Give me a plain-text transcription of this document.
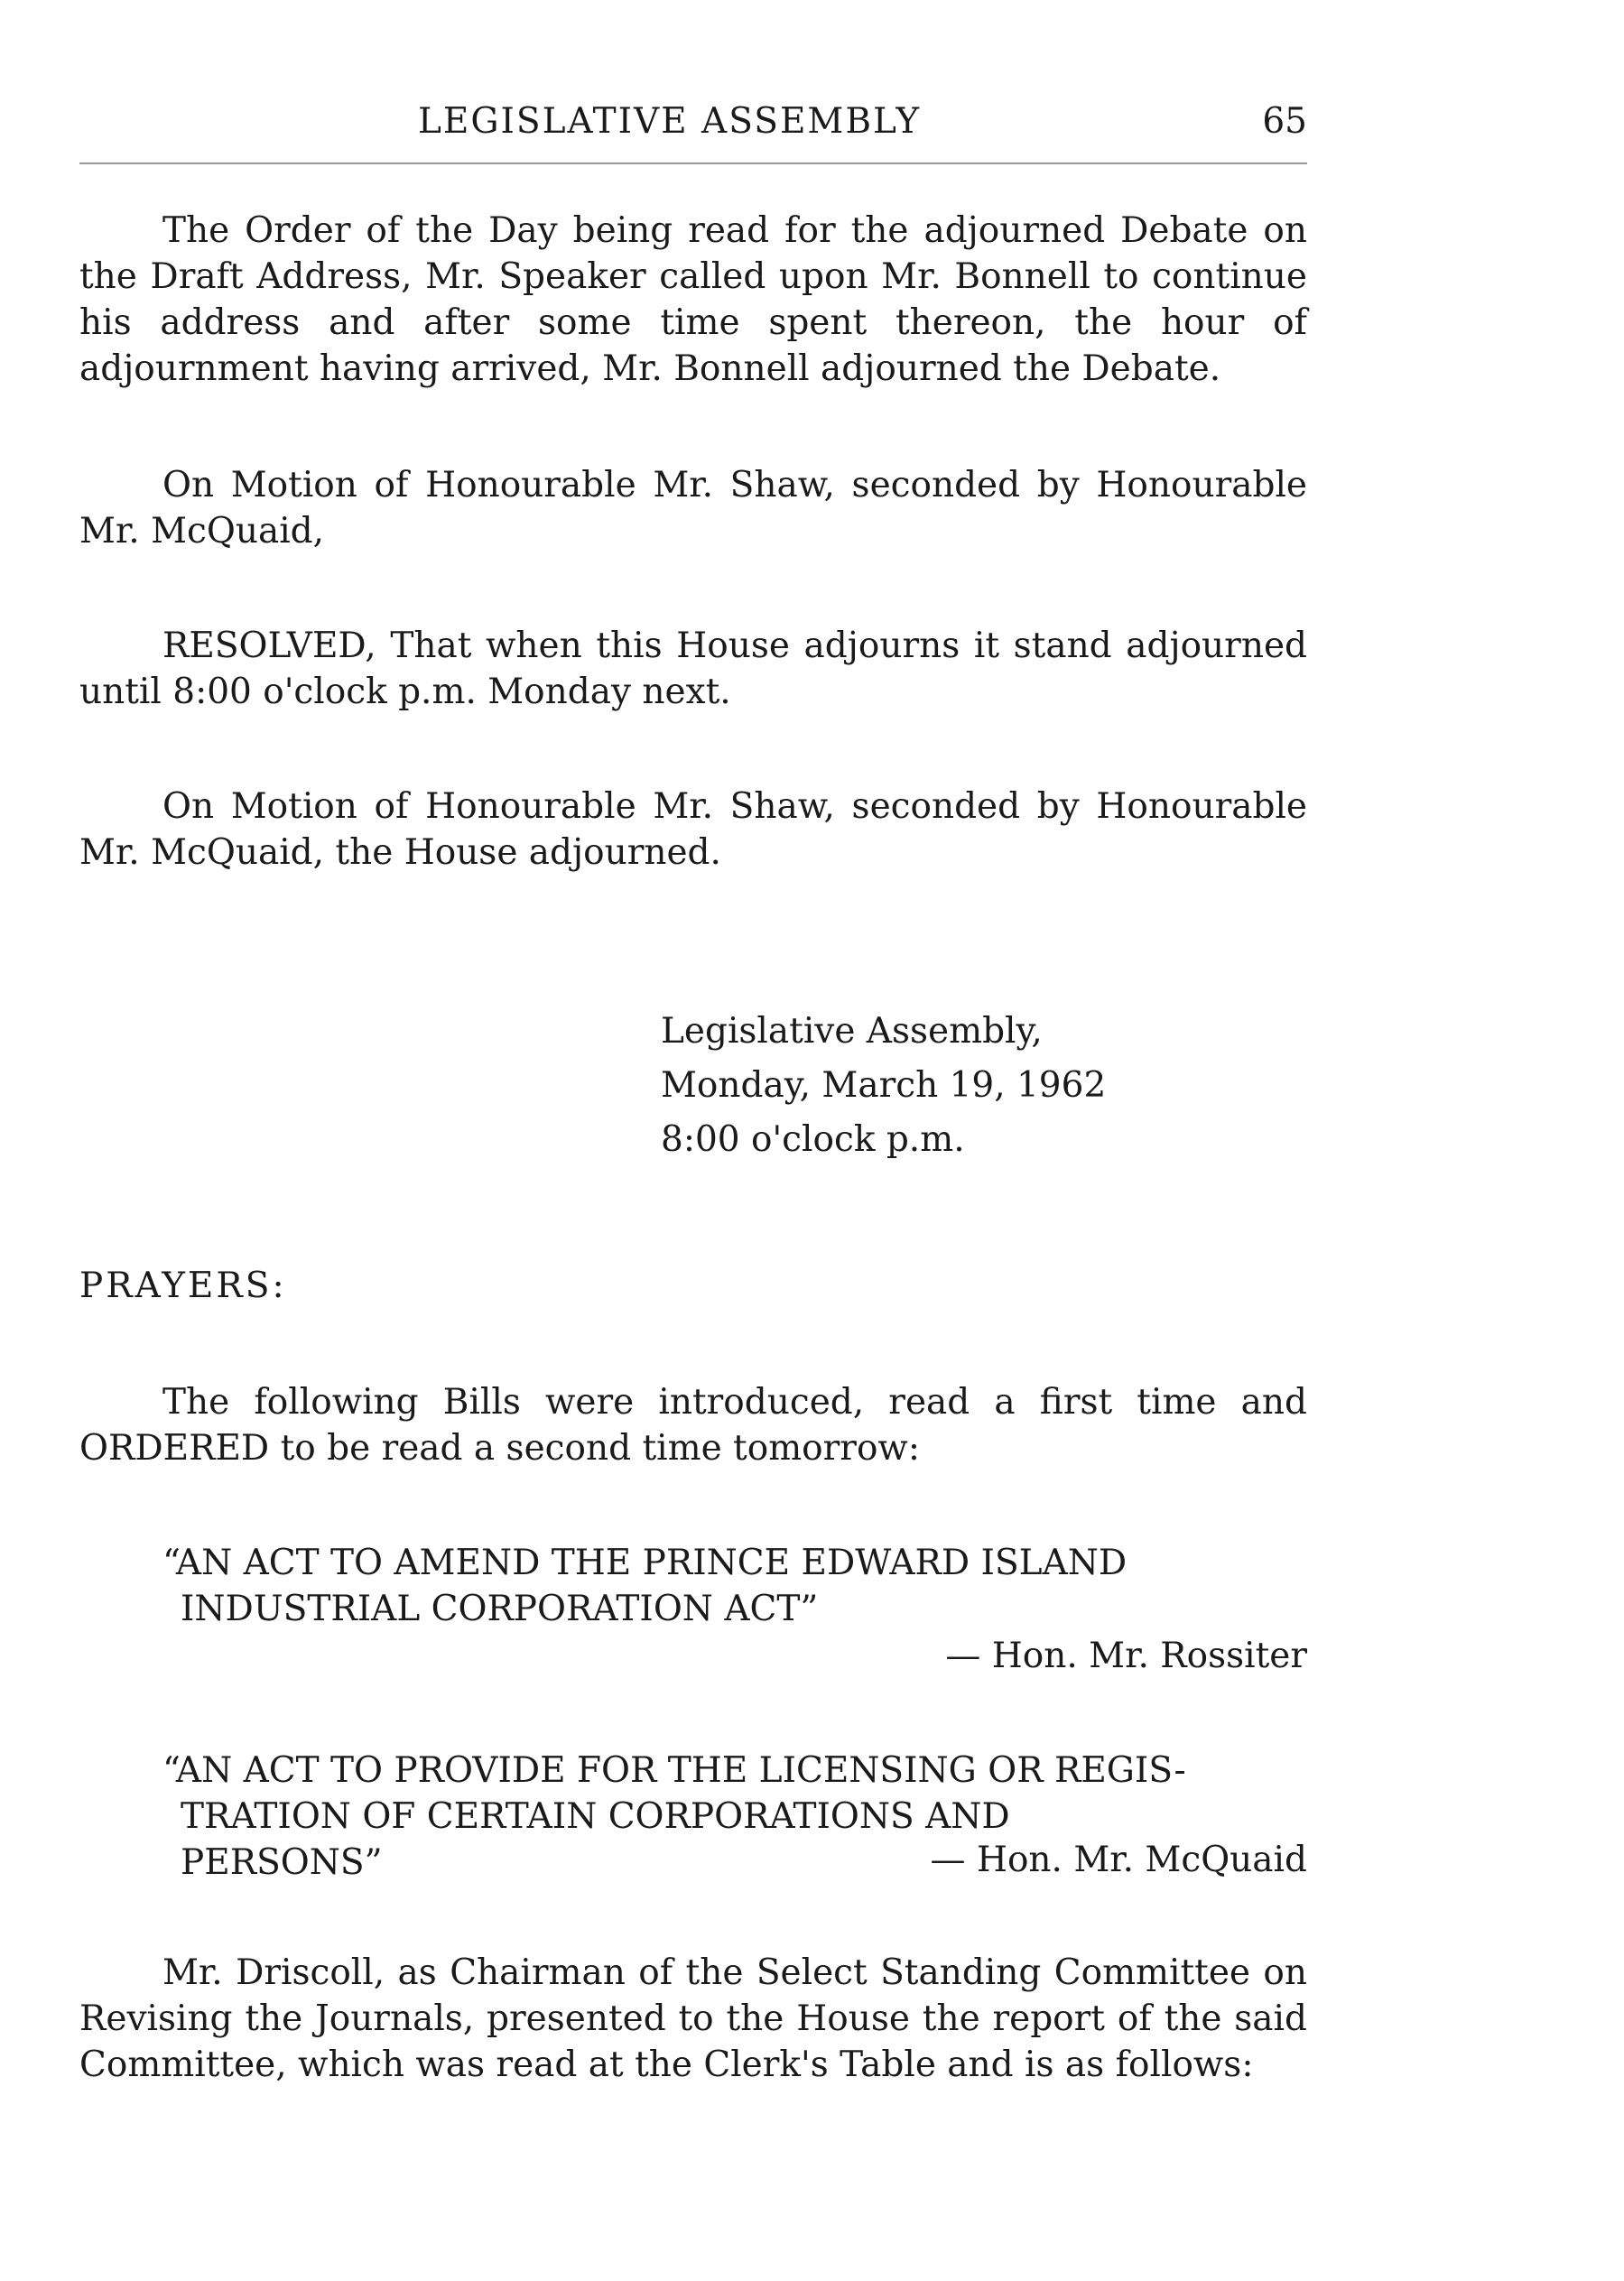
LEGISLATIVE ASSEMBLY	65

The Order of the Day being read for the adjourned Debate on the Draft Address, Mr. Speaker called upon Mr. Bonnell to continue his address and after some time spent thereon, the hour of adjournment having arrived, Mr. Bonnell adjourned the Debate.

On Motion of Honourable Mr. Shaw, seconded by Honourable Mr. McQuaid,

RESOLVED, That when this House adjourns it stand adjourned until 8:00 o'clock p.m. Monday next.

On Motion of Honourable Mr. Shaw, seconded by Honourable Mr. McQuaid, the House adjourned.

Legislative Assembly,
Monday, March 19, 1962
8:00 o'clock p.m.
PRAYERS:

The following Bills were introduced, read a first time and ORDERED to be read a second time tomorrow:

“AN ACT TO AMEND THE PRINCE EDWARD ISLAND
INDUSTRIAL CORPORATION ACT”
— Hon. Mr. Rossiter
“AN ACT TO PROVIDE FOR THE LICENSING OR REGIS-
TRATION OF CERTAIN CORPORATIONS AND
PERSONS”	— Hon. Mr. McQuaid

Mr. Driscoll, as Chairman of the Select Standing Committee on Revising the Journals, presented to the House the report of the said Committee, which was read at the Clerk's Table and is as follows:
